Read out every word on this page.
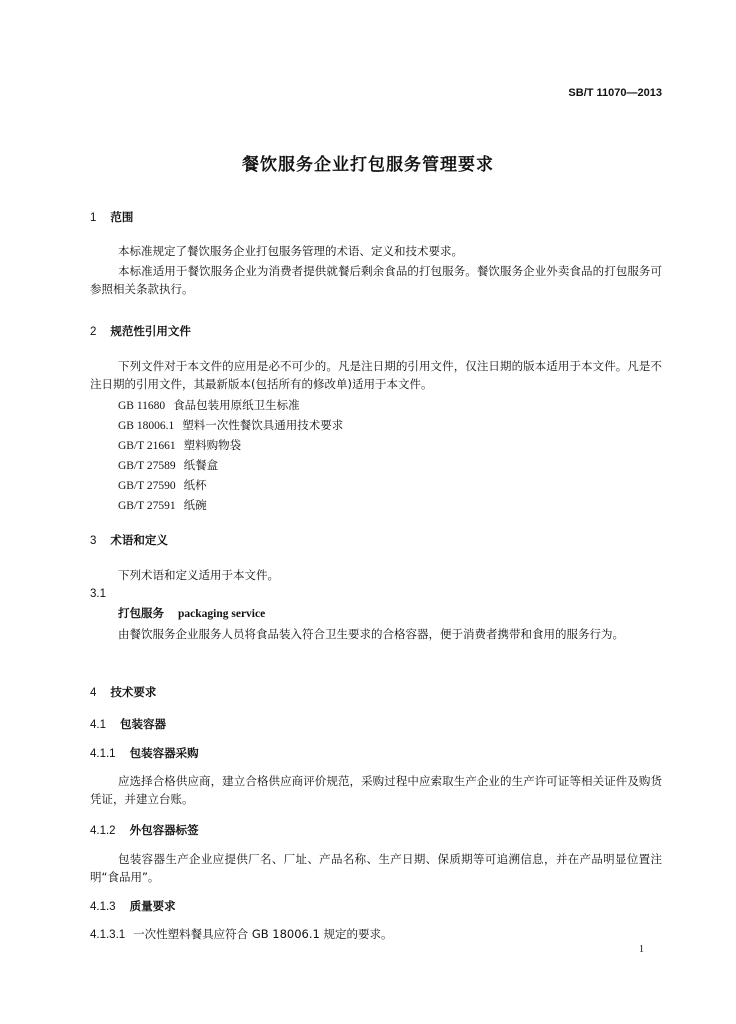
SB/T 11070—2013
餐饮服务企业打包服务管理要求
1 范围
本标准规定了餐饮服务企业打包服务管理的术语、定义和技术要求。
本标准适用于餐饮服务企业为消费者提供就餐后剩余食品的打包服务。餐饮服务企业外卖食品的打包服务可参照相关条款执行。
2 规范性引用文件
下列文件对于本文件的应用是必不可少的。凡是注日期的引用文件，仅注日期的版本适用于本文件。凡是不注日期的引用文件，其最新版本(包括所有的修改单)适用于本文件。
GB 11680 食品包装用原纸卫生标准
GB 18006.1 塑料一次性餐饮具通用技术要求
GB/T 21661 塑料购物袋
GB/T 27589 纸餐盒
GB/T 27590 纸杯
GB/T 27591 纸碗
3 术语和定义
下列术语和定义适用于本文件。
3.1
打包服务 packaging service
由餐饮服务企业服务人员将食品装入符合卫生要求的合格容器，便于消费者携带和食用的服务行为。
4 技术要求
4.1 包装容器
4.1.1 包装容器采购
应选择合格供应商，建立合格供应商评价规范，采购过程中应索取生产企业的生产许可证等相关证件及购货凭证，并建立台账。
4.1.2 外包容器标签
包装容器生产企业应提供厂名、厂址、产品名称、生产日期、保质期等可追溯信息，并在产品明显位置注明“食品用”。
4.1.3 质量要求
4.1.3.1 一次性塑料餐具应符合 GB 18006.1 规定的要求。
1
